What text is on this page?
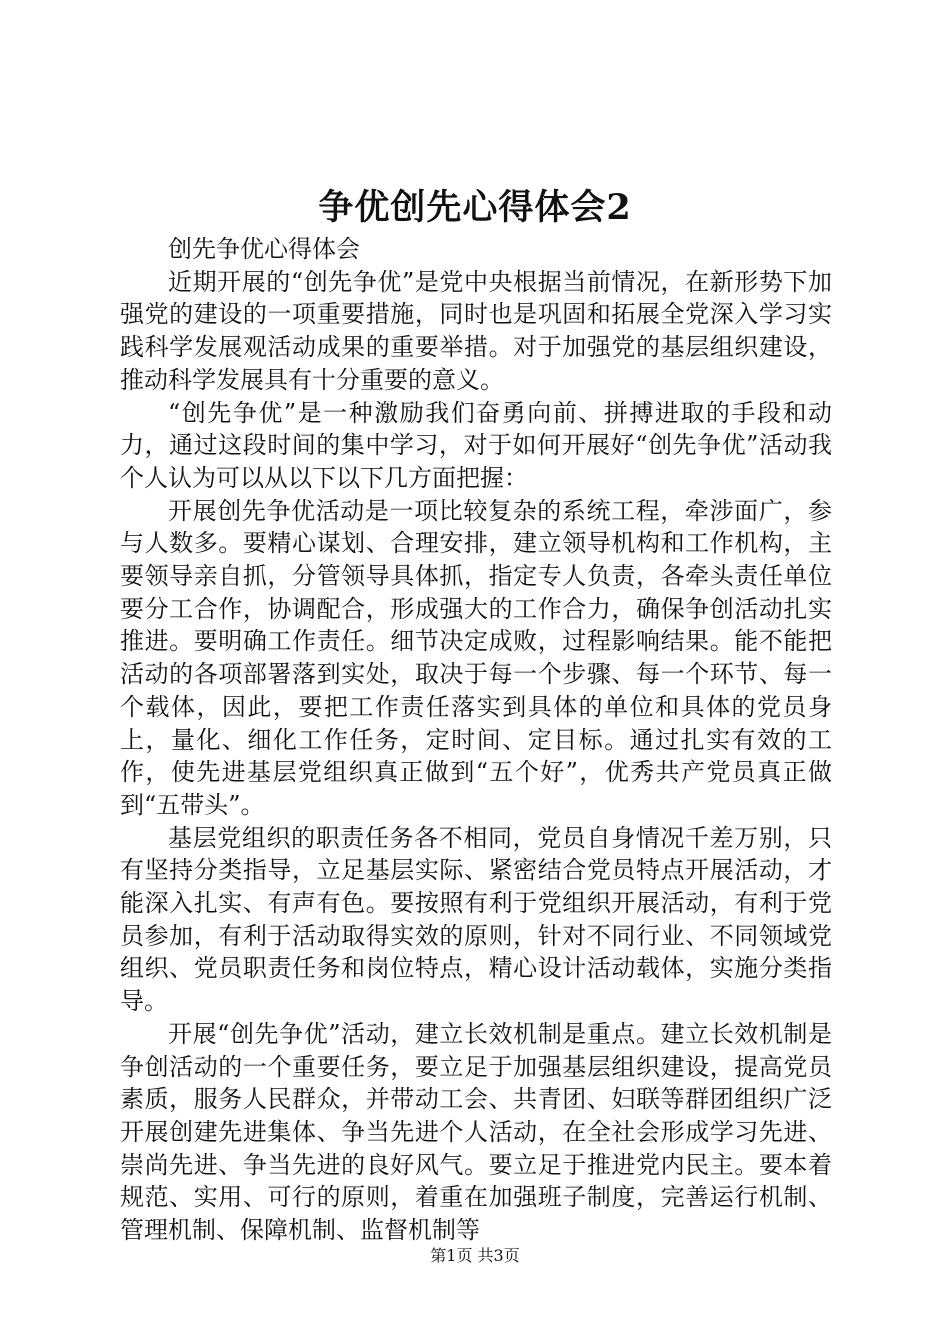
争优创先心得体会2

创先争优心得体会

近期开展的“创先争优”是党中央根据当前情况，在新形势下加强党的建设的一项重要措施，同时也是巩固和拓展全党深入学习实践科学发展观活动成果的重要举措。对于加强党的基层组织建设，推动科学发展具有十分重要的意义。

“创先争优”是一种激励我们奋勇向前、拼搏进取的手段和动力，通过这段时间的集中学习，对于如何开展好“创先争优”活动我个人认为可以从以下以下几方面把握：

开展创先争优活动是一项比较复杂的系统工程，牵涉面广，参与人数多。要精心谋划、合理安排，建立领导机构和工作机构，主要领导亲自抓，分管领导具体抓，指定专人负责，各牵头责任单位要分工合作，协调配合，形成强大的工作合力，确保争创活动扎实推进。要明确工作责任。细节决定成败，过程影响结果。能不能把活动的各项部署落到实处，取决于每一个步骤、每一个环节、每一个载体，因此，要把工作责任落实到具体的单位和具体的党员身上，量化、细化工作任务，定时间、定目标。通过扎实有效的工作，使先进基层党组织真正做到“五个好”，优秀共产党员真正做到“五带头”。

基层党组织的职责任务各不相同，党员自身情况千差万别，只有坚持分类指导，立足基层实际、紧密结合党员特点开展活动，才能深入扎实、有声有色。要按照有利于党组织开展活动，有利于党员参加，有利于活动取得实效的原则，针对不同行业、不同领域党组织、党员职责任务和岗位特点，精心设计活动载体，实施分类指导。

开展“创先争优”活动，建立长效机制是重点。建立长效机制是争创活动的一个重要任务，要立足于加强基层组织建设，提高党员素质，服务人民群众，并带动工会、共青团、妇联等群团组织广泛开展创建先进集体、争当先进个人活动，在全社会形成学习先进、崇尚先进、争当先进的良好风气。要立足于推进党内民主。要本着规范、实用、可行的原则，着重在加强班子制度，完善运行机制、管理机制、保障机制、监督机制等

第1页 共3页
